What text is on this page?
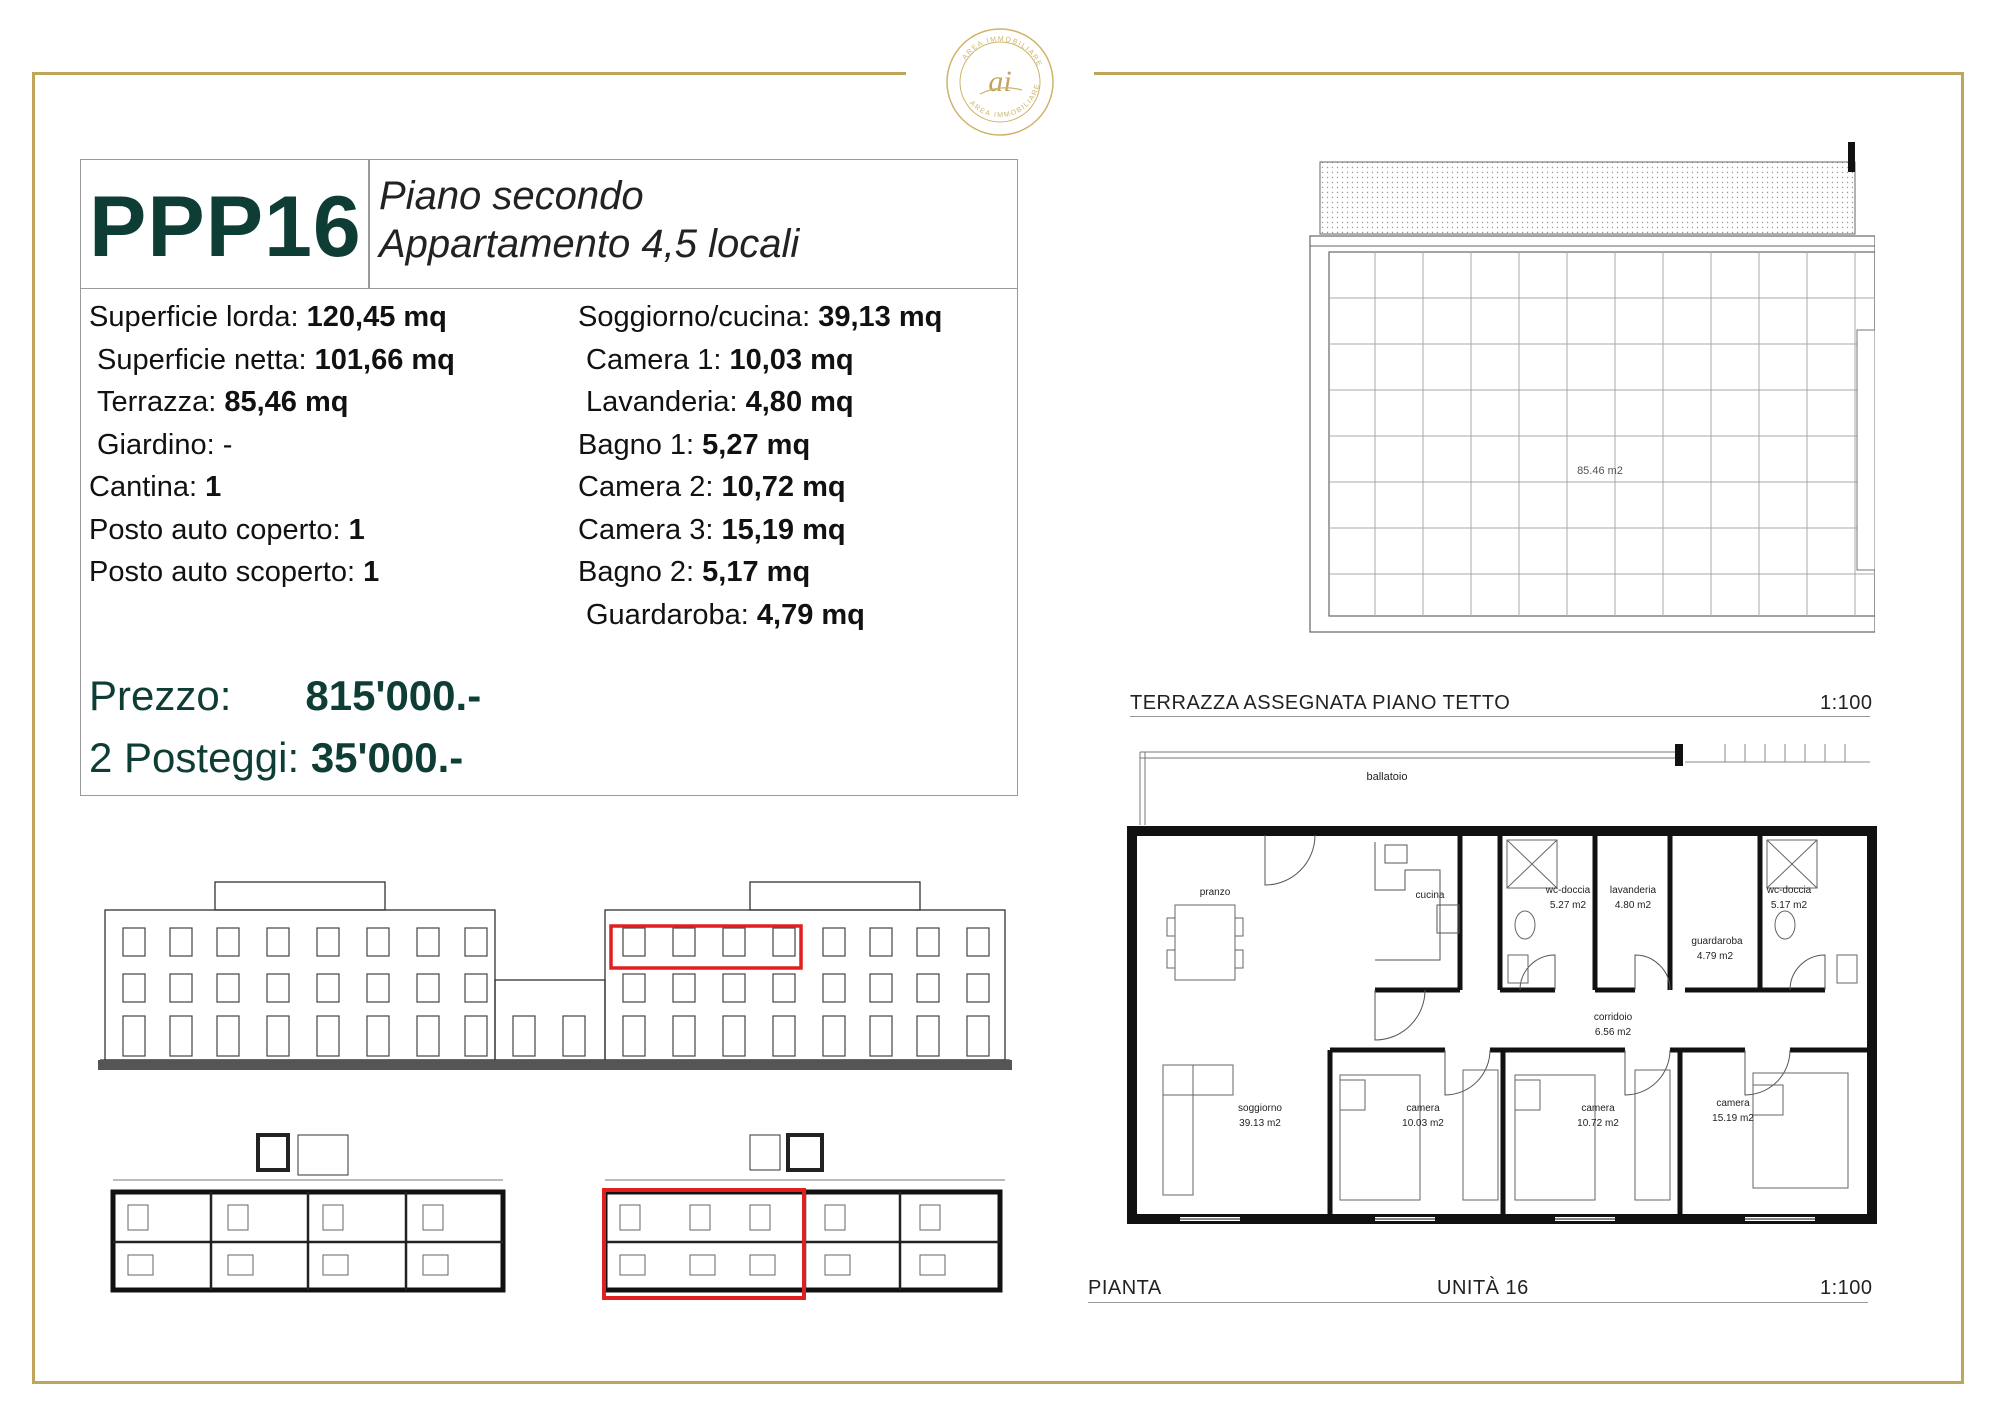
AREA IMMOBILIARE
AREA IMMOBILIARE
ai
PPP16 Piano secondo
Appartamento 4,5 locali
Superficie lorda: 120,45 mq
Superficie netta: 101,66 mq
Terrazza: 85,46 mq
Giardino: -
Cantina: 1
Posto auto coperto: 1
Posto auto scoperto: 1
Soggiorno/cucina: 39,13 mq
Camera 1: 10,03 mq
Lavanderia: 4,80 mq
Bagno 1: 5,27 mq
Camera 2: 10,72 mq
Camera 3: 15,19 mq
Bagno 2: 5,17 mq
Guardaroba: 4,79 mq
Prezzo: 815'000.-
2 Posteggi: 35'000.-
85.46 m2
TERRAZZA ASSEGNATA PIANO TETTO	1:100
ballatoio
pranzo	cucina	wc-doccia
5.27 m2
lavanderia
4.80 m2
guardaroba
4.79 m2
wc-doccia
5.17 m2
corridoio
6.56 m2
soggiorno
39.13 m2
camera
10.03 m2
camera
10.72 m2
camera
15.19 m2
PIANTA	UNITÀ 16	1:100
